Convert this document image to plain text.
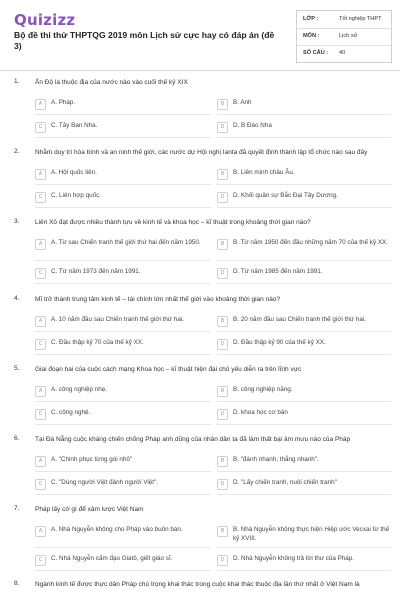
Quizizz
Bộ đề thi thử THPTQG 2019 môn Lịch sử cực hay có đáp án (đề 3)
LỚP :	Tốt nghiệp THPT
MÔN :	Lịch sử
SỐ CÂU : 40
1. Ấn Độ là thuộc địa của nước nào vào cuối thế kỷ XIX
A	A. Pháp.	B	B. Anh
C	C. Tây Ban Nha.	D	D. B Đào Nha
2. Nhằm duy trì hòa bình và an ninh thế giới, các nước dự Hội nghị Ianta đã quyết định thành lập tổ chức nào sau đây
A	A. Hội quốc liên.	B	B. Liên minh châu Âu.
C	C. Liên hợp quốc.	D	D. Khối quân sự Bắc Đại Tây Dương.
3. Liên Xô đạt được nhiều thành tựu về kinh tế và khoa học – kĩ thuật trong khoảng thời gian nào?
A	A. Từ sau Chiến tranh thế giới thứ hai đến năm 1950.	B	B. Từ năm 1950 đến đầu những năm 70 của thế kỷ XX.
C	C. Từ năm 1973 đến năm 1991.	D	D. Từ năm 1985 đến năm 1991.
4. Mĩ trở thành trung tâm kinh tế – tài chính lớn nhất thế giới vào khoảng thời gian nào?
A	A. 10 năm đầu sau Chiến tranh thế giới thứ hai.	B	B. 20 năm đầu sau Chiến tranh thế giới thứ hai.
C	C. Đầu thập kỷ 70 của thế kỷ XX.	D	D. Đầu thập kỷ 90 của thế kỷ XX.
5. Giai đoạn hai của cuộc cách mạng Khoa học – kĩ thuật hiện đại chủ yếu diễn ra trên lĩnh vực
A	A. công nghiệp nhẹ.	B	B. công nghiệp năng.
C	C. công nghệ.	D	D. khoa học cơ bản
6. Tại Đà Nẵng cuộc kháng chiến chống Pháp anh dũng của nhân dân ta đã làm thất bại âm mưu nào của Pháp
A	A. "Chinh phục từng gói nhỏ"	B	B. "đánh nhanh, thắng nhanh".
C	C. "Dùng người Việt đánh người Việt".	D	D. "Lấy chiến tranh, nuôi chiến tranh"
7. Pháp lấy cớ gì để xâm lược Việt Nam
A	A. Nhà Nguyễn không cho Pháp vào buôn bán.	B	B. Nhà Nguyễn không thực hiện Hiệp ước Vecxai từ thế kỷ XVIII.
C	C. Nhà Nguyễn cấm đạo Giatô, giết giáo sĩ.	D	D. Nhà Nguyễn không trả lời thư của Pháp.
8. Ngành kinh tế được thực dân Pháp chú trọng khai thác trong cuộc khai thác thuộc địa lần thứ nhất ở Việt Nam là
